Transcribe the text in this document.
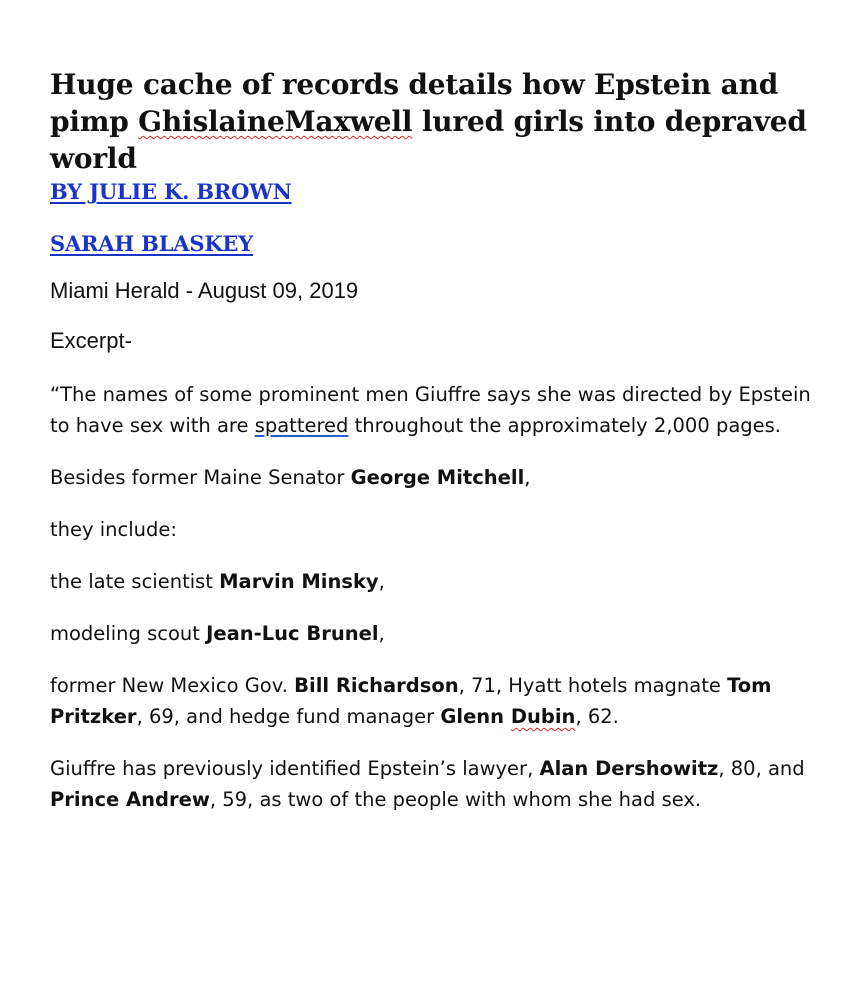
Huge cache of records details how Epstein and pimp GhislaineMaxwell lured girls into depraved world
BY JULIE K. BROWN
SARAH BLASKEY
Miami Herald - August 09, 2019
Excerpt-

“The names of some prominent men Giuffre says she was directed by Epstein to have sex with are spattered throughout the approximately 2,000 pages.

Besides former Maine Senator George Mitchell,

they include:

the late scientist Marvin Minsky,

modeling scout Jean-Luc Brunel,

former New Mexico Gov. Bill Richardson, 71, Hyatt hotels magnate Tom Pritzker, 69, and hedge fund manager Glenn Dubin, 62.

Giuffre has previously identified Epstein’s lawyer, Alan Dershowitz, 80, and Prince Andrew, 59, as two of the people with whom she had sex.
